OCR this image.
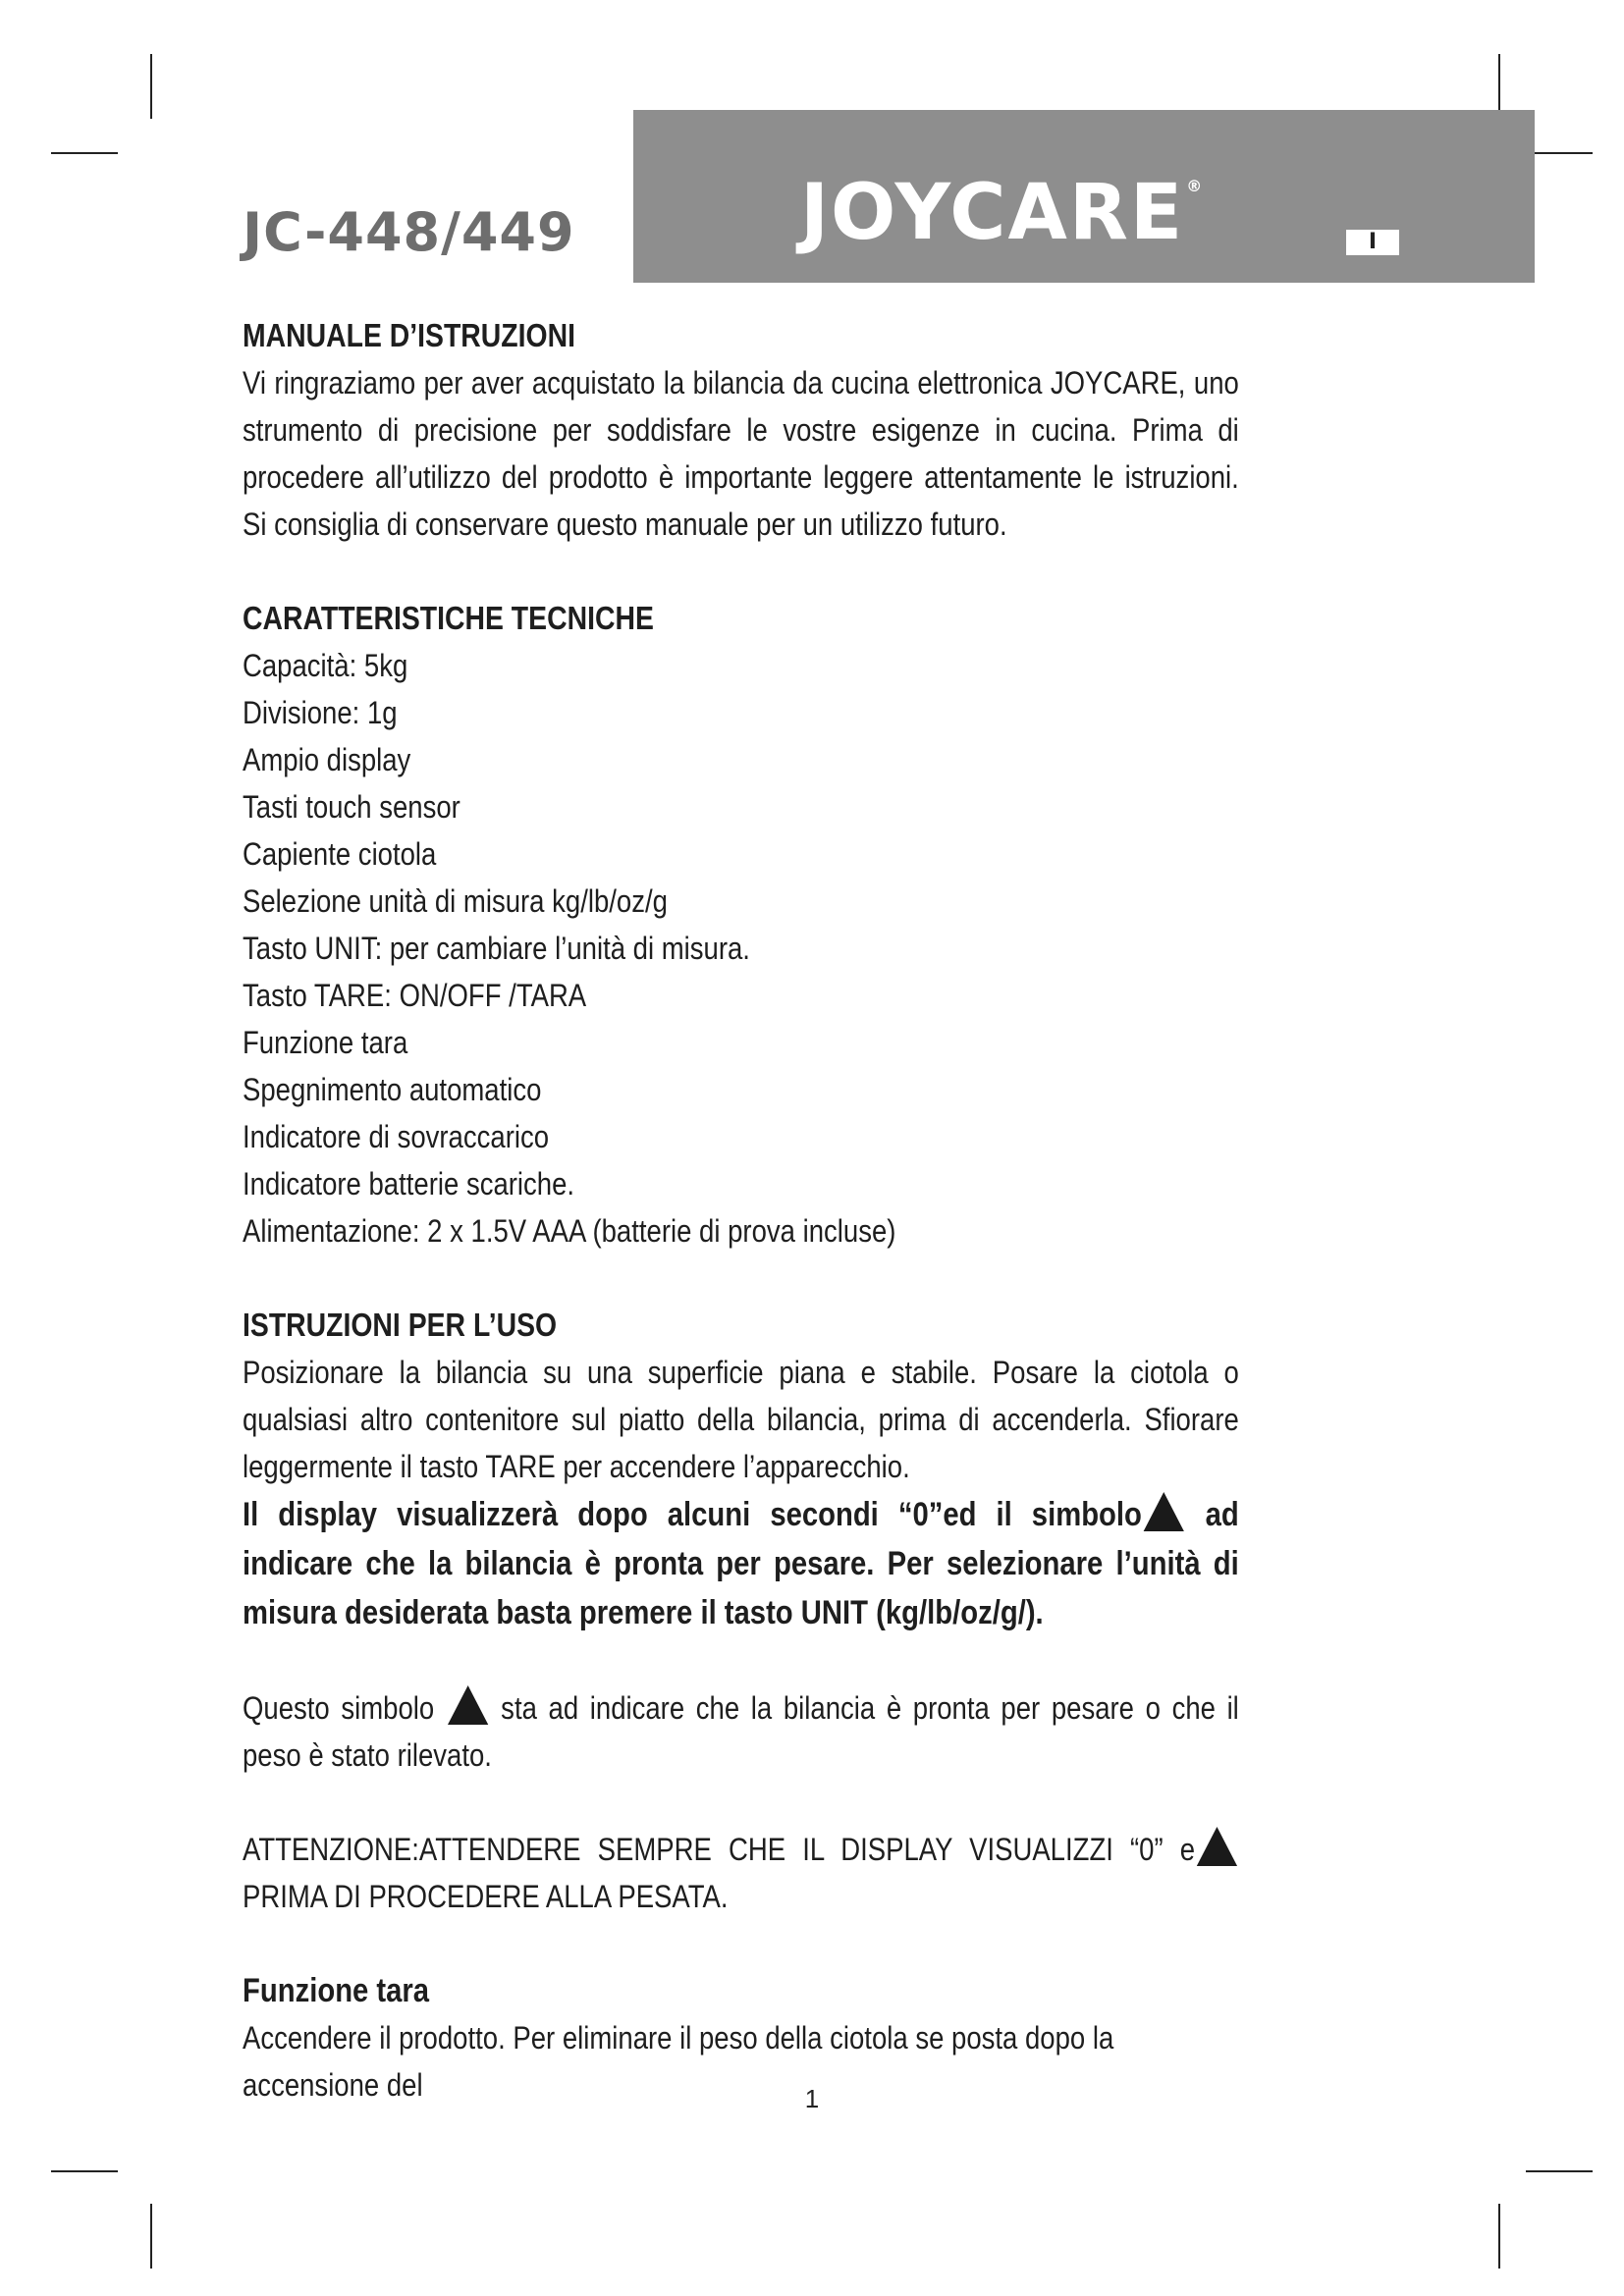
JC-448/449	JOYCARE ®
I

MANUALE D’ISTRUZIONI

Vi ringraziamo per aver acquistato la bilancia da cucina elettronica JOYCARE, uno strumento di precisione per soddisfare le vostre esigenze in cucina. Prima di procedere all’utilizzo del prodotto è importante leggere attentamente le istruzioni. Si consiglia di conservare questo manuale per un utilizzo futuro.

CARATTERISTICHE TECNICHE

Capacità: 5kg

Divisione: 1g

Ampio display

Tasti touch sensor

Capiente ciotola

Selezione unità di misura kg/lb/oz/g

Tasto UNIT: per cambiare l’unità di misura.

Tasto TARE: ON/OFF /TARA

Funzione tara

Spegnimento automatico

Indicatore di sovraccarico

Indicatore batterie scariche.

Alimentazione: 2 x 1.5V AAA (batterie di prova incluse)

ISTRUZIONI PER L’USO

Posizionare la bilancia su una superficie piana e stabile. Posare la ciotola o qualsiasi altro contenitore sul piatto della bilancia, prima di accenderla. Sfiorare leggermente il tasto TARE per accendere l’apparecchio.

Il display visualizzerà dopo alcuni secondi “0”ed il simbolo ad indicare che la bilancia è pronta per pesare. Per selezionare l’unità di misura desiderata basta premere il tasto UNIT (kg/lb/oz/g/).

Questo simbolo sta ad indicare che la bilancia è pronta per pesare o che il peso è stato rilevato.

ATTENZIONE:ATTENDERE SEMPRE CHE IL DISPLAY VISUALIZZI “0” e PRIMA DI PROCEDERE ALLA PESATA.

Funzione tara

Accendere il prodotto. Per eliminare il peso della ciotola se posta dopo la accensione del	1
